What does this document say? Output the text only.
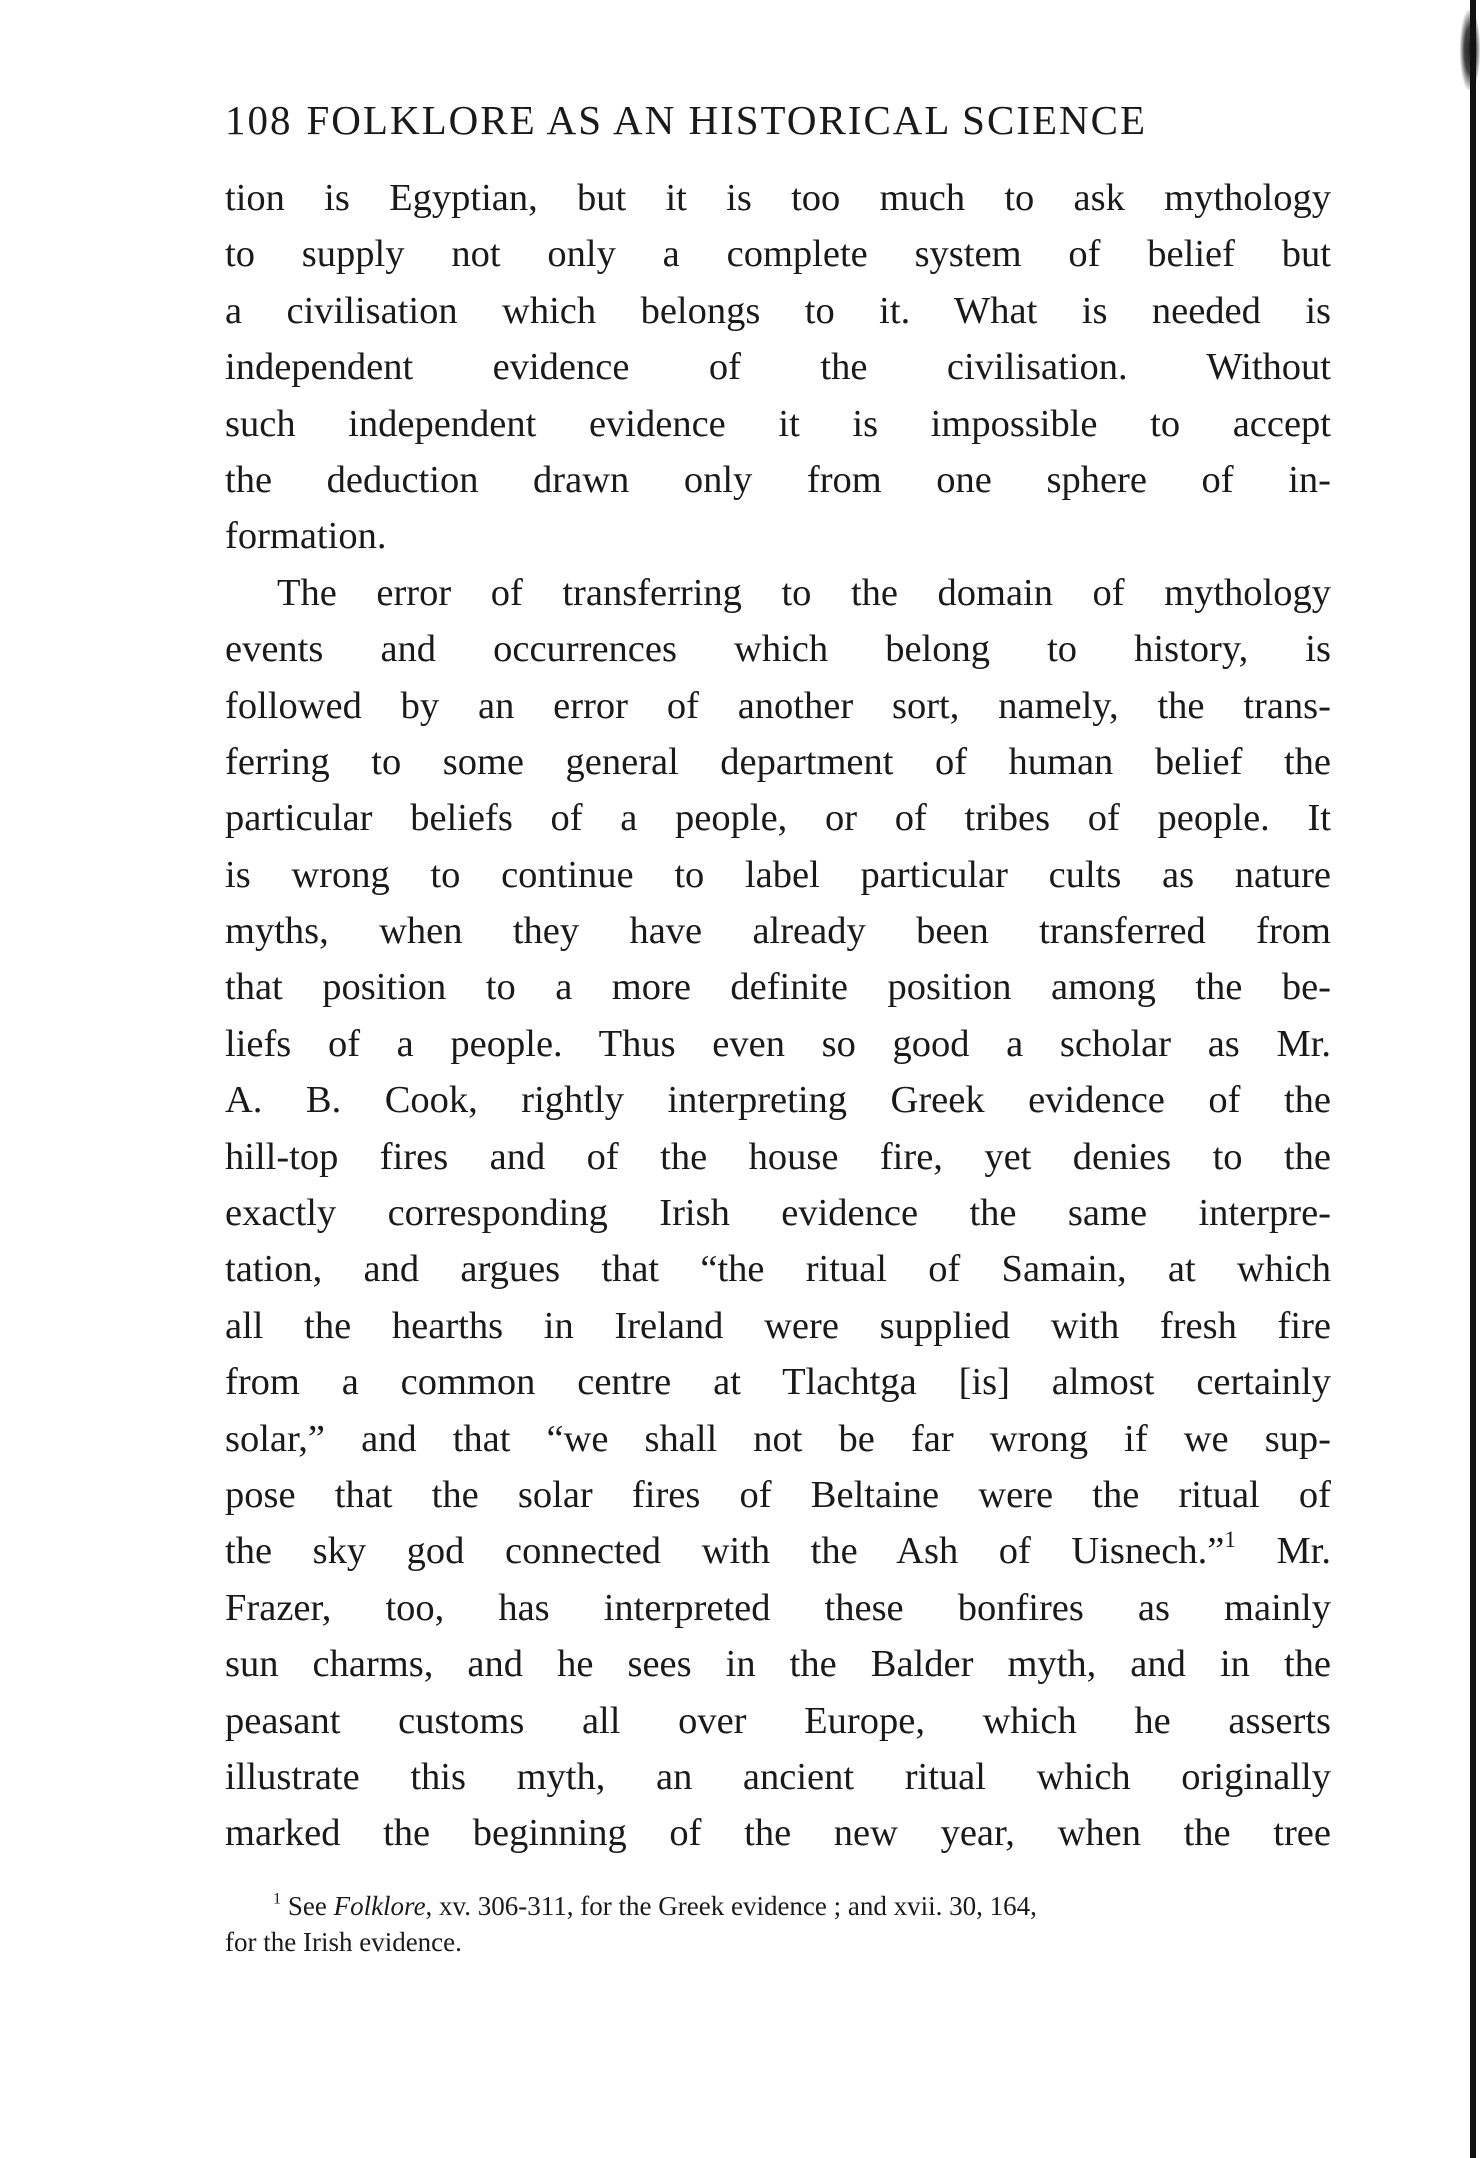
108 FOLKLORE AS AN HISTORICAL SCIENCE
tion is Egyptian, but it is too much to ask mythology
to supply not only a complete system of belief but
a civilisation which belongs to it. What is needed is
independent evidence of the civilisation. Without
such independent evidence it is impossible to accept
the deduction drawn only from one sphere of in-
formation.
The error of transferring to the domain of mythology
events and occurrences which belong to history, is
followed by an error of another sort, namely, the trans-
ferring to some general department of human belief the
particular beliefs of a people, or of tribes of people. It
is wrong to continue to label particular cults as nature
myths, when they have already been transferred from
that position to a more definite position among the be-
liefs of a people. Thus even so good a scholar as Mr.
A. B. Cook, rightly interpreting Greek evidence of the
hill-top fires and of the house fire, yet denies to the
exactly corresponding Irish evidence the same interpre-
tation, and argues that “the ritual of Samain, at which
all the hearths in Ireland were supplied with fresh fire
from a common centre at Tlachtga [is] almost certainly
solar,” and that “we shall not be far wrong if we sup-
pose that the solar fires of Beltaine were the ritual of
the sky god connected with the Ash of Uisnech.”$^1$ Mr.
Frazer, too, has interpreted these bonfires as mainly
sun charms, and he sees in the Balder myth, and in the
peasant customs all over Europe, which he asserts
illustrate this myth, an ancient ritual which originally
marked the beginning of the new year, when the tree
$^1$ See Folklore, xv. 306-311, for the Greek evidence ; and xvii. 30, 164,
for the Irish evidence.
